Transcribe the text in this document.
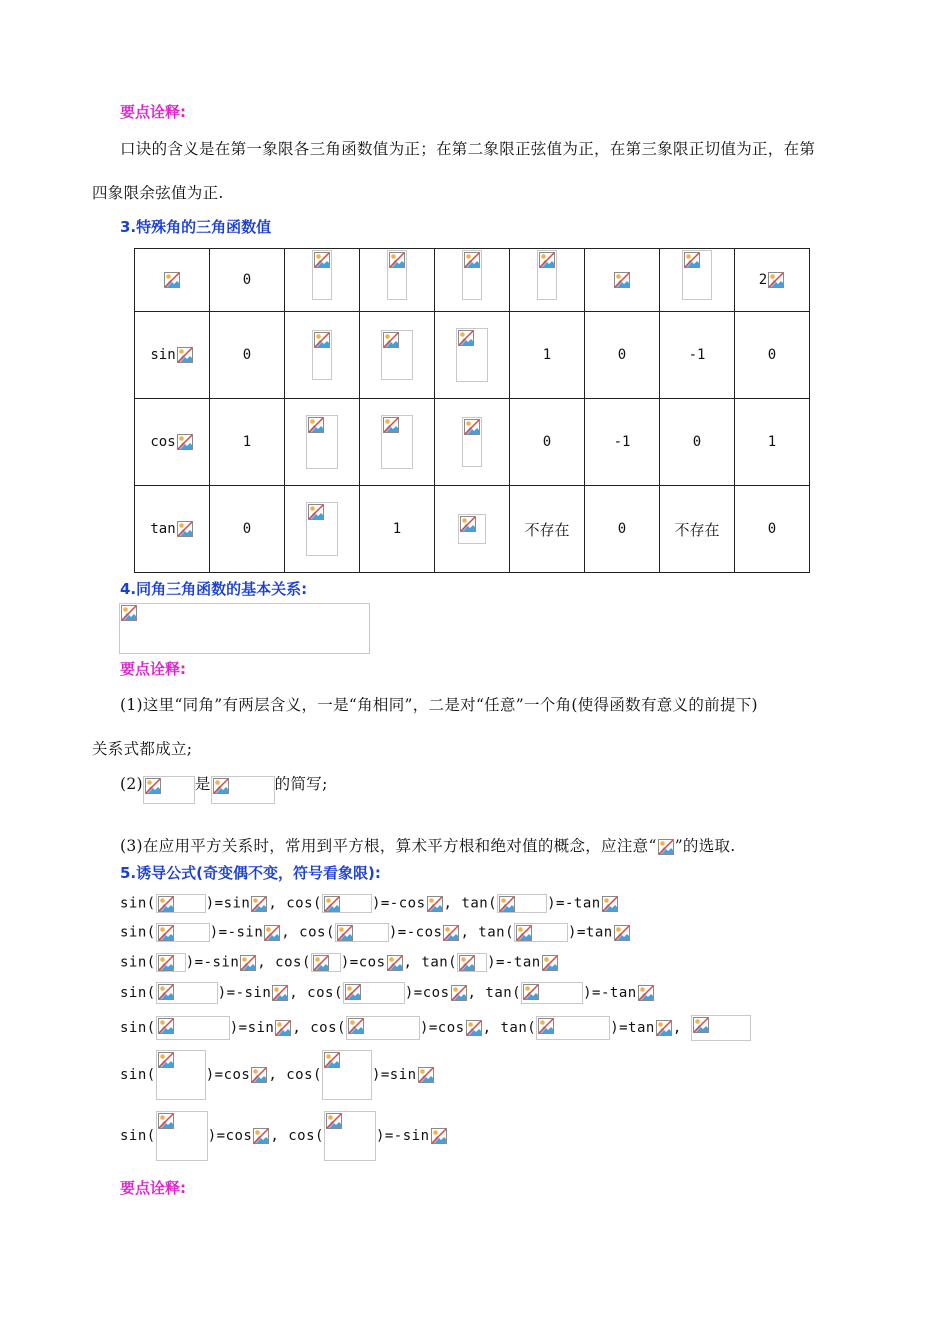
要点诠释:
口诀的含义是在第一象限各三角函数值为正；在第二象限正弦值为正，在第三象限正切值为正，在第
四象限余弦值为正.
3.特殊角的三角函数值
	0							2

sin	0				1	0	-1	0
cos	1				0	-1	0	1
tan	0		1		不存在	0	不存在	0
4.同角三角函数的基本关系:
要点诠释:
(1)这里“同角”有两层含义，一是“角相同”，二是对“任意”一个角(使得函数有意义的前提下)
关系式都成立;
(2)	是	的简写;
(3)在应用平方关系时，常用到平方根，算术平方根和绝对值的概念，应注意“ ”的选取.
5.诱导公式(奇变偶不变，符号看象限):
sin(	)=sin , cos(	)=-cos , tan(	)=-tan
sin(	)=-sin , cos(	)=-cos , tan(	)=tan
sin( )=-sin , cos( )=cos , tan( )=-tan
sin(	)=-sin , cos(	)=cos , tan(	)=-tan
sin(	)=sin , cos(	)=cos , tan(	)=tan ,
sin(	)=cos , cos(	)=sin
sin(	)=cos , cos(	)=-sin
要点诠释:
